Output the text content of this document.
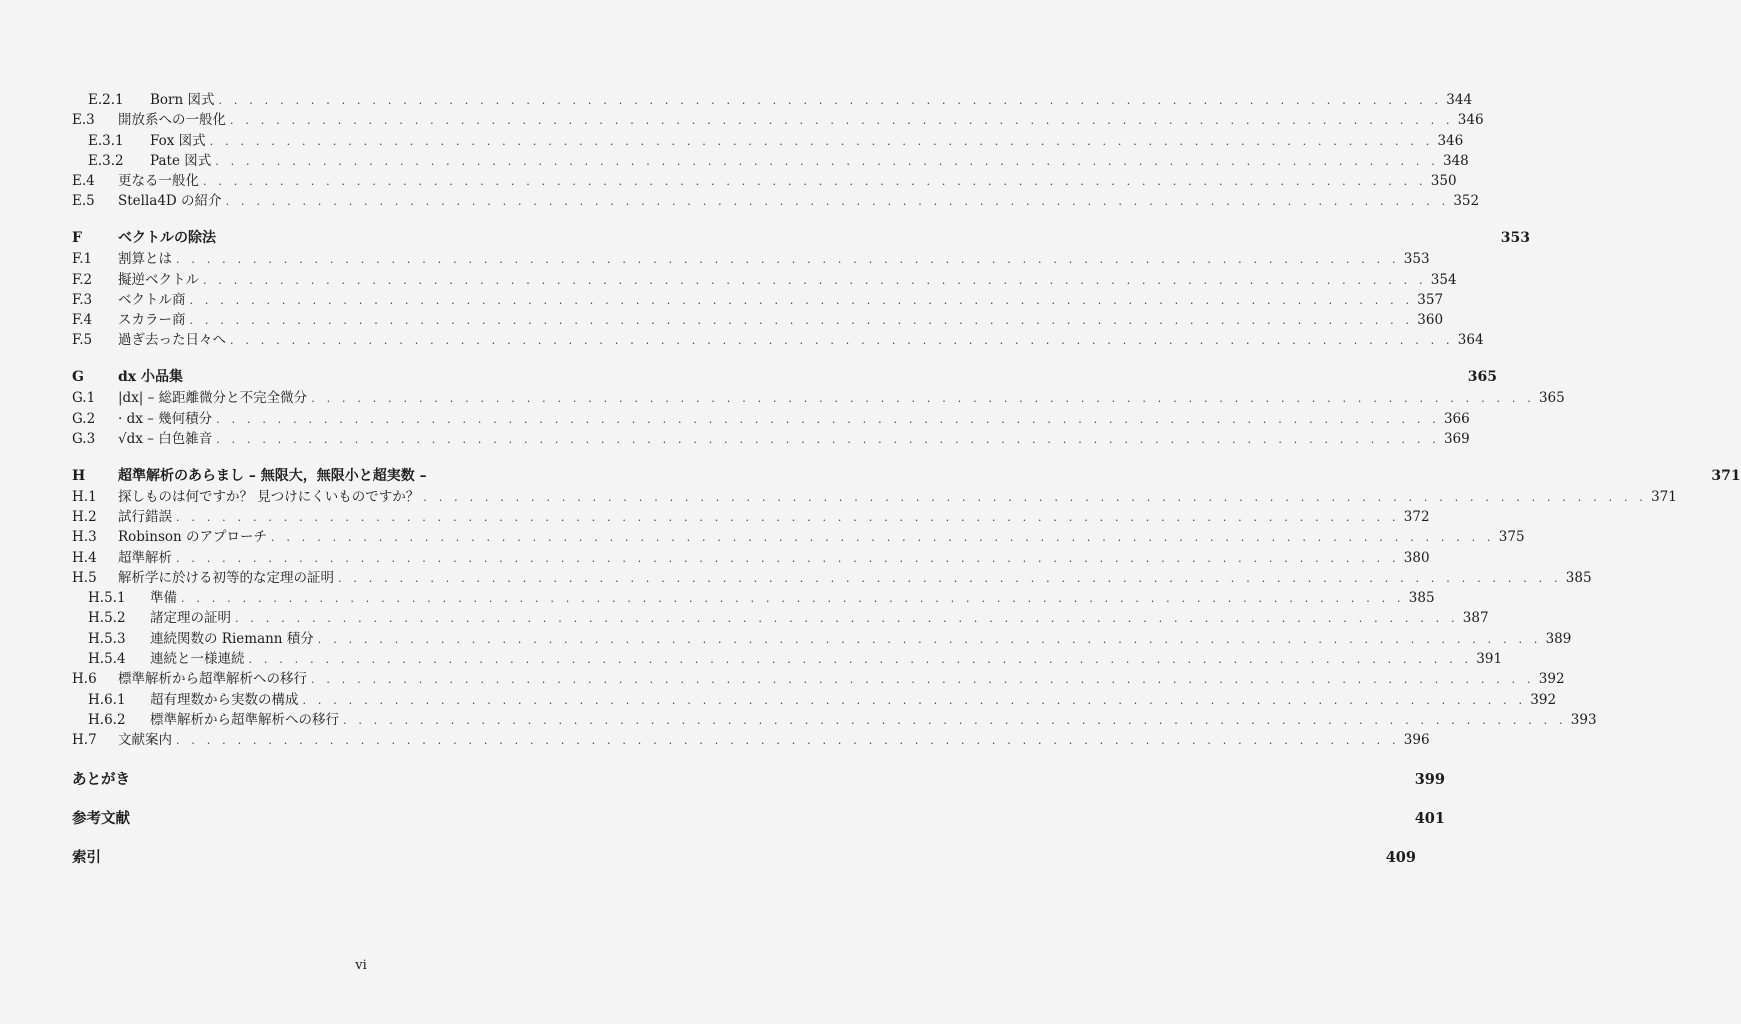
E.2.1	Born 図式 . . . . . . . . . . . . . . . . . . . . . . . . . . . . . . . . . . . . . . . . . . . . . . . . . . . . . . . . . . . . . . . . . . . . . . . . . . . . . . . . 344
E.3	開放系への一般化 . . . . . . . . . . . . . . . . . . . . . . . . . . . . . . . . . . . . . . . . . . . . . . . . . . . . . . . . . . . . . . . . . . . . . . . . . . . . . . . . 346
E.3.1	Fox 図式 . . . . . . . . . . . . . . . . . . . . . . . . . . . . . . . . . . . . . . . . . . . . . . . . . . . . . . . . . . . . . . . . . . . . . . . . . . . . . . . . 346
E.3.2	Pate 図式 . . . . . . . . . . . . . . . . . . . . . . . . . . . . . . . . . . . . . . . . . . . . . . . . . . . . . . . . . . . . . . . . . . . . . . . . . . . . . . . . 348
E.4	更なる一般化 . . . . . . . . . . . . . . . . . . . . . . . . . . . . . . . . . . . . . . . . . . . . . . . . . . . . . . . . . . . . . . . . . . . . . . . . . . . . . . . . 350
E.5	Stella4D の紹介 . . . . . . . . . . . . . . . . . . . . . . . . . . . . . . . . . . . . . . . . . . . . . . . . . . . . . . . . . . . . . . . . . . . . . . . . . . . . . . . . 352
F	ベクトルの除法	353
F.1	割算とは . . . . . . . . . . . . . . . . . . . . . . . . . . . . . . . . . . . . . . . . . . . . . . . . . . . . . . . . . . . . . . . . . . . . . . . . . . . . . . . . 353
F.2	擬逆ベクトル . . . . . . . . . . . . . . . . . . . . . . . . . . . . . . . . . . . . . . . . . . . . . . . . . . . . . . . . . . . . . . . . . . . . . . . . . . . . . . . . 354
F.3	ベクトル商 . . . . . . . . . . . . . . . . . . . . . . . . . . . . . . . . . . . . . . . . . . . . . . . . . . . . . . . . . . . . . . . . . . . . . . . . . . . . . . . . 357
F.4	スカラー商 . . . . . . . . . . . . . . . . . . . . . . . . . . . . . . . . . . . . . . . . . . . . . . . . . . . . . . . . . . . . . . . . . . . . . . . . . . . . . . . . 360
F.5	過ぎ去った日々へ . . . . . . . . . . . . . . . . . . . . . . . . . . . . . . . . . . . . . . . . . . . . . . . . . . . . . . . . . . . . . . . . . . . . . . . . . . . . . . . . 364
G	dx 小品集	365
G.1	|dx| – 総距離微分と不完全微分 . . . . . . . . . . . . . . . . . . . . . . . . . . . . . . . . . . . . . . . . . . . . . . . . . . . . . . . . . . . . . . . . . . . . . . . . . . . . . . . . 365
G.2	· dx – 幾何積分 . . . . . . . . . . . . . . . . . . . . . . . . . . . . . . . . . . . . . . . . . . . . . . . . . . . . . . . . . . . . . . . . . . . . . . . . . . . . . . . . 366
G.3	√dx – 白色雑音 . . . . . . . . . . . . . . . . . . . . . . . . . . . . . . . . . . . . . . . . . . . . . . . . . . . . . . . . . . . . . . . . . . . . . . . . . . . . . . . . 369
H	超準解析のあらまし – 無限大，無限小と超実数 –	371
H.1	探しものは何ですか？ 見つけにくいものですか？ . . . . . . . . . . . . . . . . . . . . . . . . . . . . . . . . . . . . . . . . . . . . . . . . . . . . . . . . . . . . . . . . . . . . . . . . . . . . . . . . 371
H.2	試行錯誤 . . . . . . . . . . . . . . . . . . . . . . . . . . . . . . . . . . . . . . . . . . . . . . . . . . . . . . . . . . . . . . . . . . . . . . . . . . . . . . . . 372
H.3	Robinson のアプローチ . . . . . . . . . . . . . . . . . . . . . . . . . . . . . . . . . . . . . . . . . . . . . . . . . . . . . . . . . . . . . . . . . . . . . . . . . . . . . . . . 375
H.4	超準解析 . . . . . . . . . . . . . . . . . . . . . . . . . . . . . . . . . . . . . . . . . . . . . . . . . . . . . . . . . . . . . . . . . . . . . . . . . . . . . . . . 380
H.5	解析学に於ける初等的な定理の証明 . . . . . . . . . . . . . . . . . . . . . . . . . . . . . . . . . . . . . . . . . . . . . . . . . . . . . . . . . . . . . . . . . . . . . . . . . . . . . . . . 385
H.5.1	準備 . . . . . . . . . . . . . . . . . . . . . . . . . . . . . . . . . . . . . . . . . . . . . . . . . . . . . . . . . . . . . . . . . . . . . . . . . . . . . . . . 385
H.5.2	諸定理の証明 . . . . . . . . . . . . . . . . . . . . . . . . . . . . . . . . . . . . . . . . . . . . . . . . . . . . . . . . . . . . . . . . . . . . . . . . . . . . . . . . 387
H.5.3	連続関数の Riemann 積分 . . . . . . . . . . . . . . . . . . . . . . . . . . . . . . . . . . . . . . . . . . . . . . . . . . . . . . . . . . . . . . . . . . . . . . . . . . . . . . . . 389
H.5.4	連続と一様連続 . . . . . . . . . . . . . . . . . . . . . . . . . . . . . . . . . . . . . . . . . . . . . . . . . . . . . . . . . . . . . . . . . . . . . . . . . . . . . . . . 391
H.6	標準解析から超準解析への移行 . . . . . . . . . . . . . . . . . . . . . . . . . . . . . . . . . . . . . . . . . . . . . . . . . . . . . . . . . . . . . . . . . . . . . . . . . . . . . . . . 392
H.6.1	超有理数から実数の構成 . . . . . . . . . . . . . . . . . . . . . . . . . . . . . . . . . . . . . . . . . . . . . . . . . . . . . . . . . . . . . . . . . . . . . . . . . . . . . . . . 392
H.6.2	標準解析から超準解析への移行 . . . . . . . . . . . . . . . . . . . . . . . . . . . . . . . . . . . . . . . . . . . . . . . . . . . . . . . . . . . . . . . . . . . . . . . . . . . . . . . . 393
H.7	文献案内 . . . . . . . . . . . . . . . . . . . . . . . . . . . . . . . . . . . . . . . . . . . . . . . . . . . . . . . . . . . . . . . . . . . . . . . . . . . . . . . . 396
あとがき	399
参考文献	401
索引	409
vi
